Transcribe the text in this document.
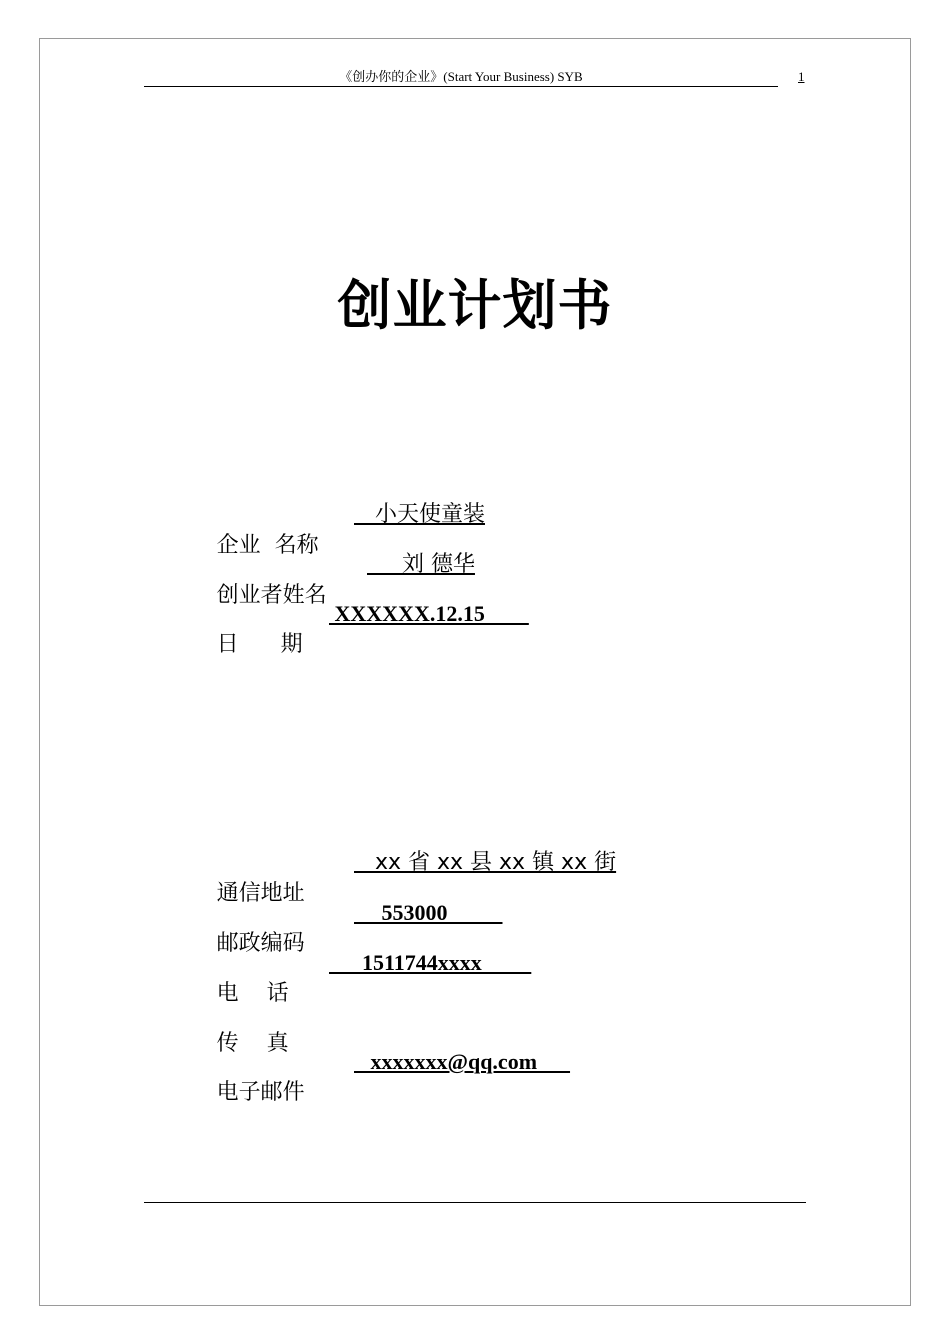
《创办你的企业》(Start Your Business) SYB	1
创业计划书

企业  名称

小天使童装

创业者姓名

刘 德华

日      期

XXXXXX.12.15

通信地址

xx 省 xx 县 xx 镇 xx 街

邮政编码

553000

电    话

1511744xxxx

传    真

电子邮件

xxxxxxx@qq.com
